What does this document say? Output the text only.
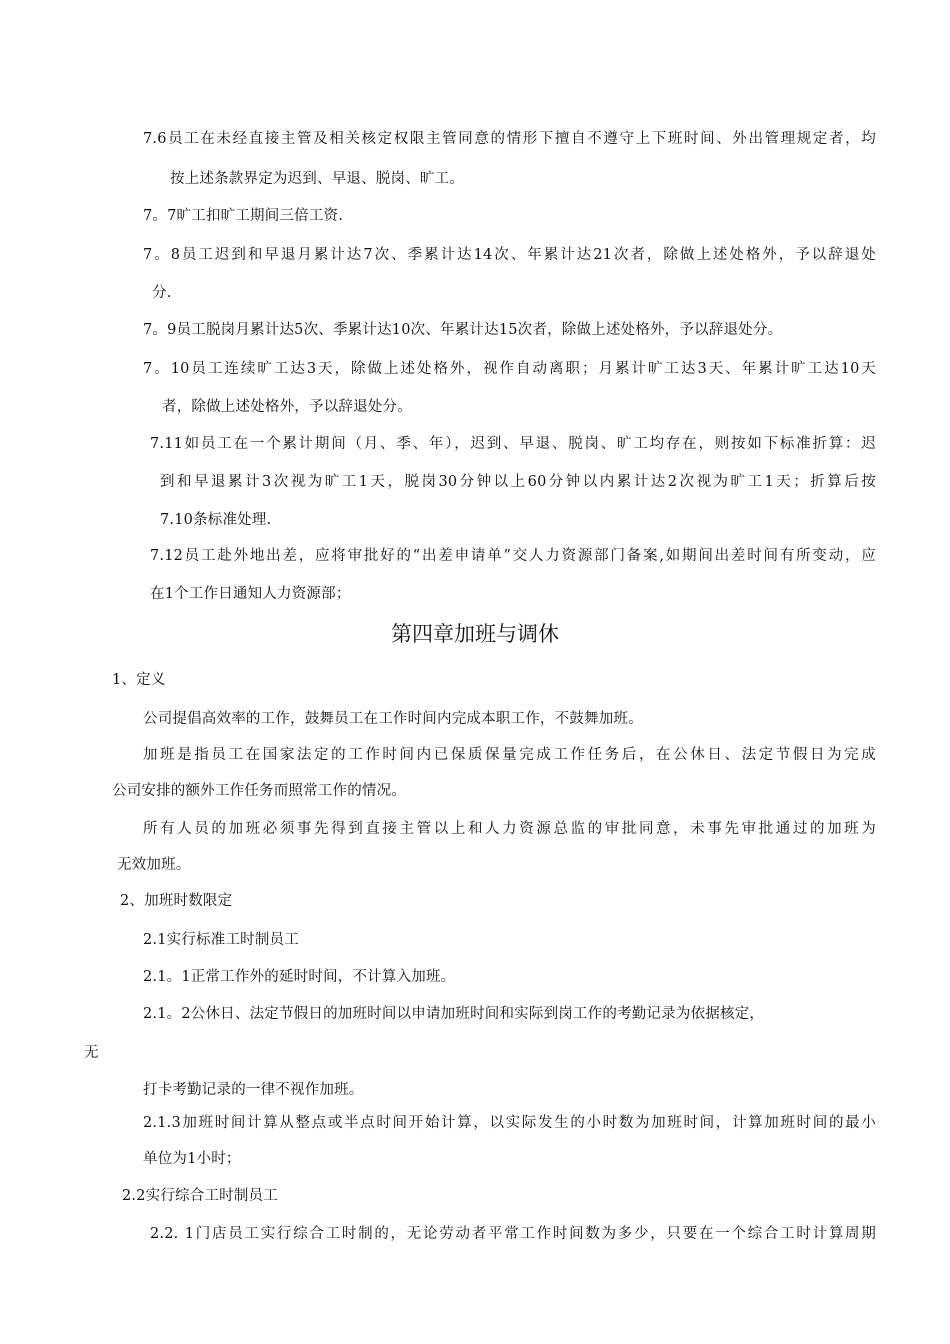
7.6员工在未经直接主管及相关核定权限主管同意的情形下擅自不遵守上下班时间、外出管理规定者，均
按上述条款界定为迟到、早退、脱岗、旷工。
7。7旷工扣旷工期间三倍工资.
7。8员工迟到和早退月累计达7次、季累计达14次、年累计达21次者，除做上述处格外，予以辞退处
分.
7。9员工脱岗月累计达5次、季累计达10次、年累计达15次者，除做上述处格外，予以辞退处分。
7。10员工连续旷工达3天，除做上述处格外，视作自动离职；月累计旷工达3天、年累计旷工达10天
者，除做上述处格外，予以辞退处分。
7.11如员工在一个累计期间（月、季、年），迟到、早退、脱岗、旷工均存在，则按如下标准折算：迟
到和早退累计3次视为旷工1天，脱岗30分钟以上60分钟以内累计达2次视为旷工1天；折算后按
7.10条标准处理.
7.12员工赴外地出差，应将审批好的“出差申请单”交人力资源部门备案,如期间出差时间有所变动，应
在1个工作日通知人力资源部；
第四章加班与调休
1、定义
公司提倡高效率的工作，鼓舞员工在工作时间内完成本职工作，不鼓舞加班。
加班是指员工在国家法定的工作时间内已保质保量完成工作任务后，在公休日、法定节假日为完成
公司安排的额外工作任务而照常工作的情况。
所有人员的加班必须事先得到直接主管以上和人力资源总监的审批同意，未事先审批通过的加班为
无效加班。
2、加班时数限定
2.1实行标准工时制员工
2.1。1正常工作外的延时时间，不计算入加班。
2.1。2公休日、法定节假日的加班时间以申请加班时间和实际到岗工作的考勤记录为依据核定，
无
打卡考勤记录的一律不视作加班。
2.1.3加班时间计算从整点或半点时间开始计算，以实际发生的小时数为加班时间，计算加班时间的最小
单位为1小时；
2.2实行综合工时制员工
2.2. 1门店员工实行综合工时制的，无论劳动者平常工作时间数为多少，只要在一个综合工时计算周期
